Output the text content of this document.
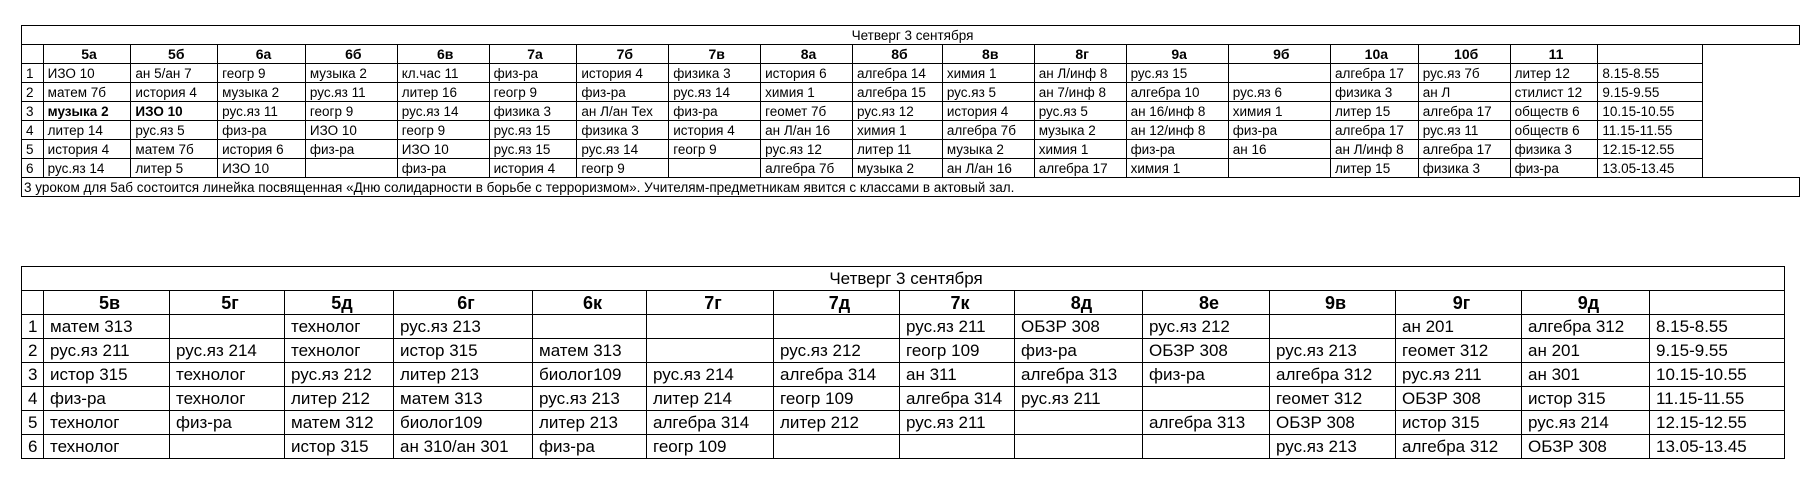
Четверг 3 сентября																		
	5а	5б	6а	6б	6в	7а	7б	7в	8а	8б	8в	8г	9а	9б	10а	10б	11	
1	ИЗО 10	ан 5/ан 7	геогр 9	музыка 2	кл.час 11	физ-ра	история 4	физика 3	история 6	алгебра 14	химия 1	ан Л/инф 8	рус.яз 15		алгебра 17	рус.яз 7б	литер 12	8.15-8.55
2	матем 7б	история 4	музыка 2	рус.яз 11	литер 16	геогр 9	физ-ра	рус.яз 14	химия 1	алгебра 15	рус.яз 5	ан 7/инф 8	алгебра 10	рус.яз 6	физика 3	ан Л	стилист 12	9.15-9.55
3	музыка 2	ИЗО 10	рус.яз 11	геогр 9	рус.яз 14	физика 3	ан Л/ан Тех	физ-ра	геомет 7б	рус.яз 12	история 4	рус.яз 5	ан 16/инф 8	химия 1	литер 15	алгебра 17	обществ 6	10.15-10.55
4	литер 14	рус.яз 5	физ-ра	ИЗО 10	геогр 9	рус.яз 15	физика 3	история 4	ан Л/ан 16	химия 1	алгебра 7б	музыка 2	ан 12/инф 8	физ-ра	алгебра 17	рус.яз 11	обществ 6	11.15-11.55
5	история 4	матем 7б	история 6	физ-ра	ИЗО 10	рус.яз 15	рус.яз 14	геогр 9	рус.яз 12	литер 11	музыка 2	химия 1	физ-ра	ан 16	ан Л/инф 8	алгебра 17	физика 3	12.15-12.55
6	рус.яз 14	литер 5	ИЗО 10		физ-ра	история 4	геогр 9		алгебра 7б	музыка 2	ан Л/ан 16	алгебра 17	химия 1		литер 15	физика 3	физ-ра	13.05-13.45
3 уроком для 5аб состоится линейка посвященная «Дню солидарности в борьбе с терроризмом». Учителям-предметникам явится с классами в актовый зал.																		
Четверг 3 сентября														
	5в	5г	5д	6г	6к	7г	7д	7к	8д	8е	9в	9г	9д	
1	матем 313		технолог	рус.яз 213				рус.яз 211	ОБЗР 308	рус.яз 212		ан 201	алгебра 312	8.15-8.55
2	рус.яз 211	рус.яз 214	технолог	истор 315	матем 313		рус.яз 212	геогр 109	физ-ра	ОБЗР 308	рус.яз 213	геомет 312	ан 201	9.15-9.55
3	истор 315	технолог	рус.яз 212	литер 213	биолог109	рус.яз 214	алгебра 314	ан 311	алгебра 313	физ-ра	алгебра 312	рус.яз 211	ан 301	10.15-10.55
4	физ-ра	технолог	литер 212	матем 313	рус.яз 213	литер 214	геогр 109	алгебра 314	рус.яз 211		геомет 312	ОБЗР 308	истор 315	11.15-11.55
5	технолог	физ-ра	матем 312	биолог109	литер 213	алгебра 314	литер 212	рус.яз 211		алгебра 313	ОБЗР 308	истор 315	рус.яз 214	12.15-12.55
6	технолог		истор 315	ан 310/ан 301	физ-ра	геогр 109					рус.яз 213	алгебра 312	ОБЗР 308	13.05-13.45
